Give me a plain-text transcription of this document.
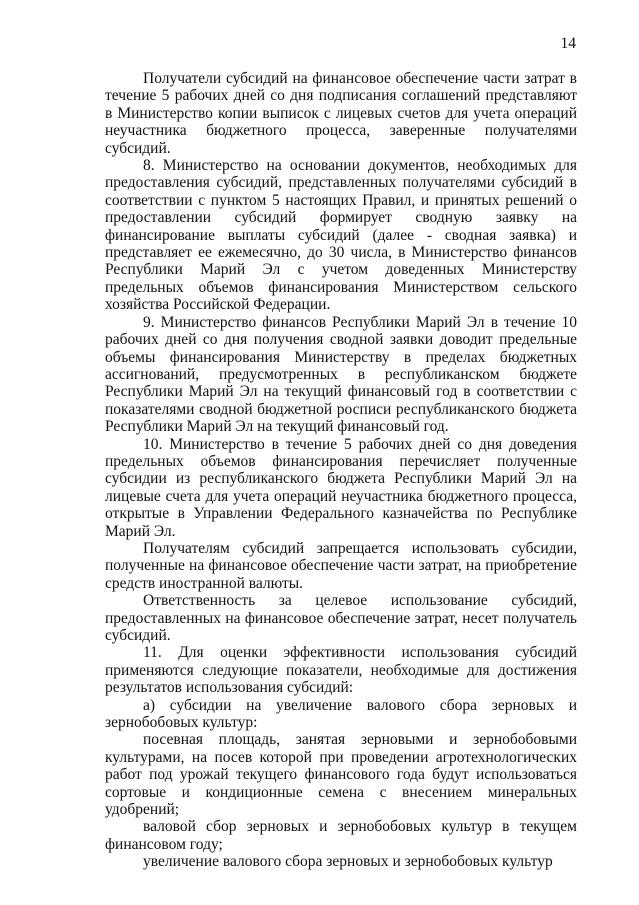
14

Получатели субсидий на финансовое обеспечение части затрат в течение 5 рабочих дней со дня подписания соглашений представляют в Министерство копии выписок с лицевых счетов для учета операций неучастника бюджетного процесса, заверенные получателями субсидий.

8. Министерство на основании документов, необходимых для предоставления субсидий, представленных получателями субсидий в соответствии с пунктом 5 настоящих Правил, и принятых решений о предоставлении субсидий формирует сводную заявку на финансирование выплаты субсидий (далее - сводная заявка) и представляет ее ежемесячно, до 30 числа, в Министерство финансов Республики Марий Эл с учетом доведенных Министерству предельных объемов финансирования Министерством сельского хозяйства Российской Федерации.

9. Министерство финансов Республики Марий Эл в течение 10 рабочих дней со дня получения сводной заявки доводит предельные объемы финансирования Министерству в пределах бюджетных ассигнований, предусмотренных в республиканском бюджете Республики Марий Эл на текущий финансовый год в соответствии с показателями сводной бюджетной росписи республиканского бюджета Республики Марий Эл на текущий финансовый год.

10. Министерство в течение 5 рабочих дней со дня доведения предельных объемов финансирования перечисляет полученные субсидии из республиканского бюджета Республики Марий Эл на лицевые счета для учета операций неучастника бюджетного процесса, открытые в Управлении Федерального казначейства по Республике Марий Эл.

Получателям субсидий запрещается использовать субсидии, полученные на финансовое обеспечение части затрат, на приобретение средств иностранной валюты.

Ответственность за целевое использование субсидий, предоставленных на финансовое обеспечение затрат, несет получатель субсидий.

11. Для оценки эффективности использования субсидий применяются следующие показатели, необходимые для достижения результатов использования субсидий:

а) субсидии на увеличение валового сбора зерновых и зернобобовых культур:

посевная площадь, занятая зерновыми и зернобобовыми культурами, на посев которой при проведении агротехнологических работ под урожай текущего финансового года будут использоваться сортовые и кондиционные семена с внесением минеральных удобрений;

валовой сбор зерновых и зернобобовых культур в текущем финансовом году;

увеличение валового сбора зерновых и зернобобовых культур
